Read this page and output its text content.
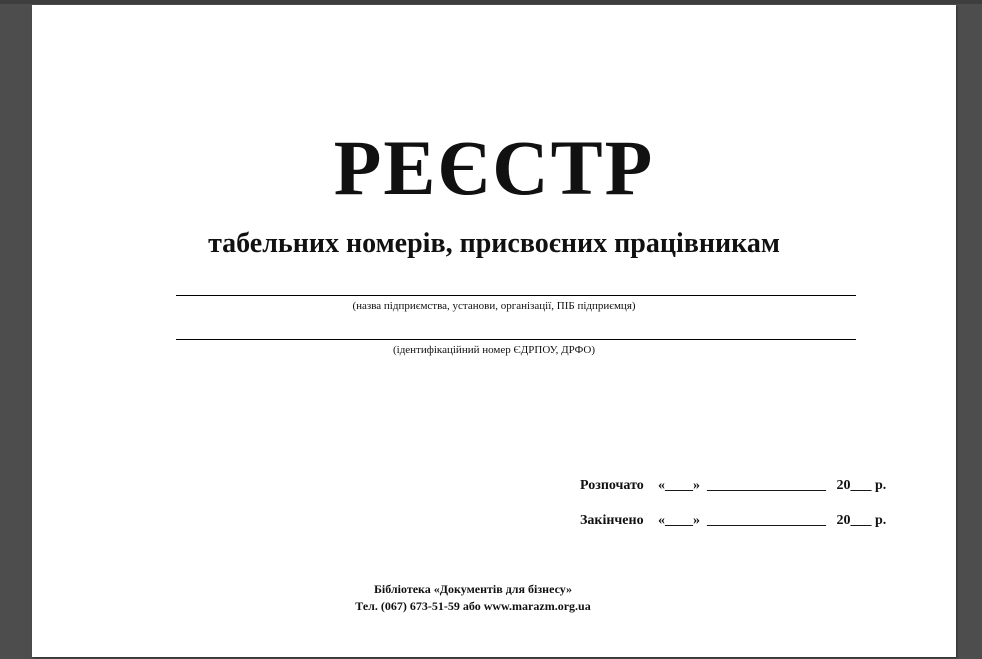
РЕЄСТР
табельних номерів, присвоєних працівникам
(назва підприємства, установи, організації, ПІБ підприємця)
(ідентифікаційний номер ЄДРПОУ, ДРФО)
Розпочато «____» _________________ 20___ р.
Закінчено «____» _________________ 20___ р.
Бібліотека «Документів для бізнесу»
Тел. (067) 673-51-59 або www.marazm.org.ua
